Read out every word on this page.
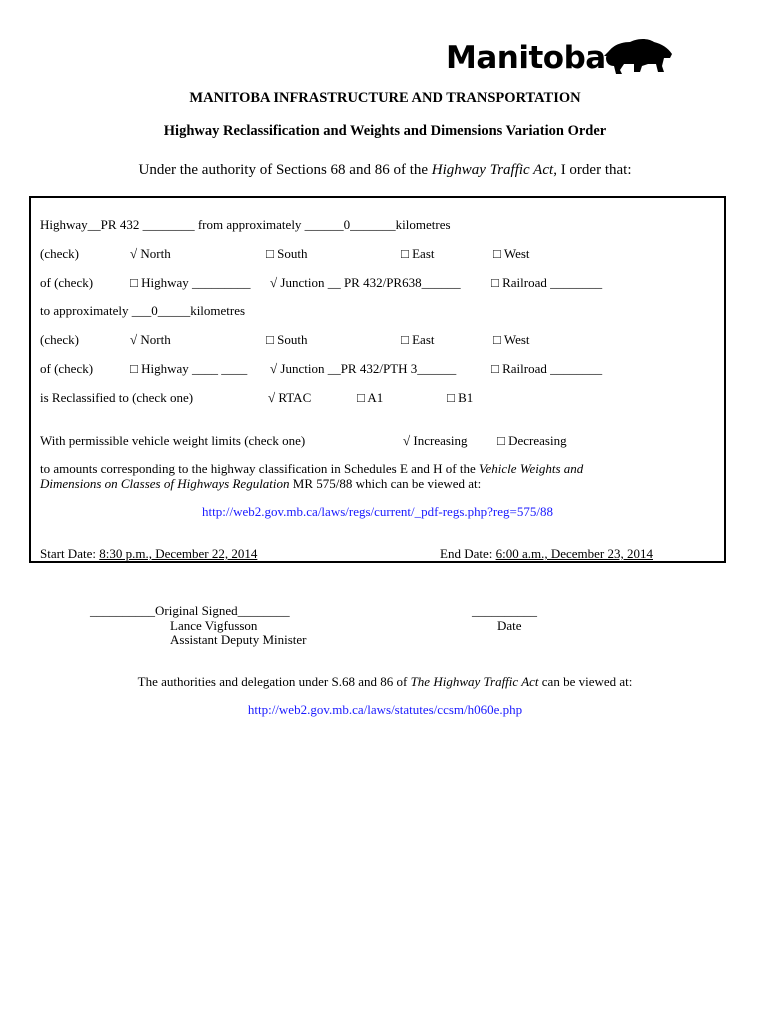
Manitoba
MANITOBA INFRASTRUCTURE AND TRANSPORTATION
Highway Reclassification and Weights and Dimensions Variation Order
Under the authority of Sections 68 and 86 of the Highway Traffic Act, I order that:
Highway__PR 432 ________ from approximately ______0_______kilometres
(check)	√ North	□ South	□ East	□ West
of (check)	□ Highway _________ √ Junction __ PR 432/PR638______ □ Railroad ________
to approximately ___0_____kilometres
(check)	√ North	□ South	□ East	□ West
of (check)	□ Highway ____ ____ √ Junction __PR 432/PTH 3______	□ Railroad ________
is Reclassified to (check one)	√ RTAC	□ A1	□ B1
With permissible vehicle weight limits (check one)	√ Increasing □ Decreasing
to amounts corresponding to the highway classification in Schedules E and H of the Vehicle Weights and
Dimensions on Classes of Highways Regulation MR 575/88 which can be viewed at:
http://web2.gov.mb.ca/laws/regs/current/_pdf-regs.php?reg=575/88
Start Date: 8:30 p.m., December 22, 2014	End Date: 6:00 a.m., December 23, 2014
__________Original Signed________
Lance Vigfusson
Assistant Deputy Minister
__________
Date
The authorities and delegation under S.68 and 86 of The Highway Traffic Act can be viewed at:
http://web2.gov.mb.ca/laws/statutes/ccsm/h060e.php
